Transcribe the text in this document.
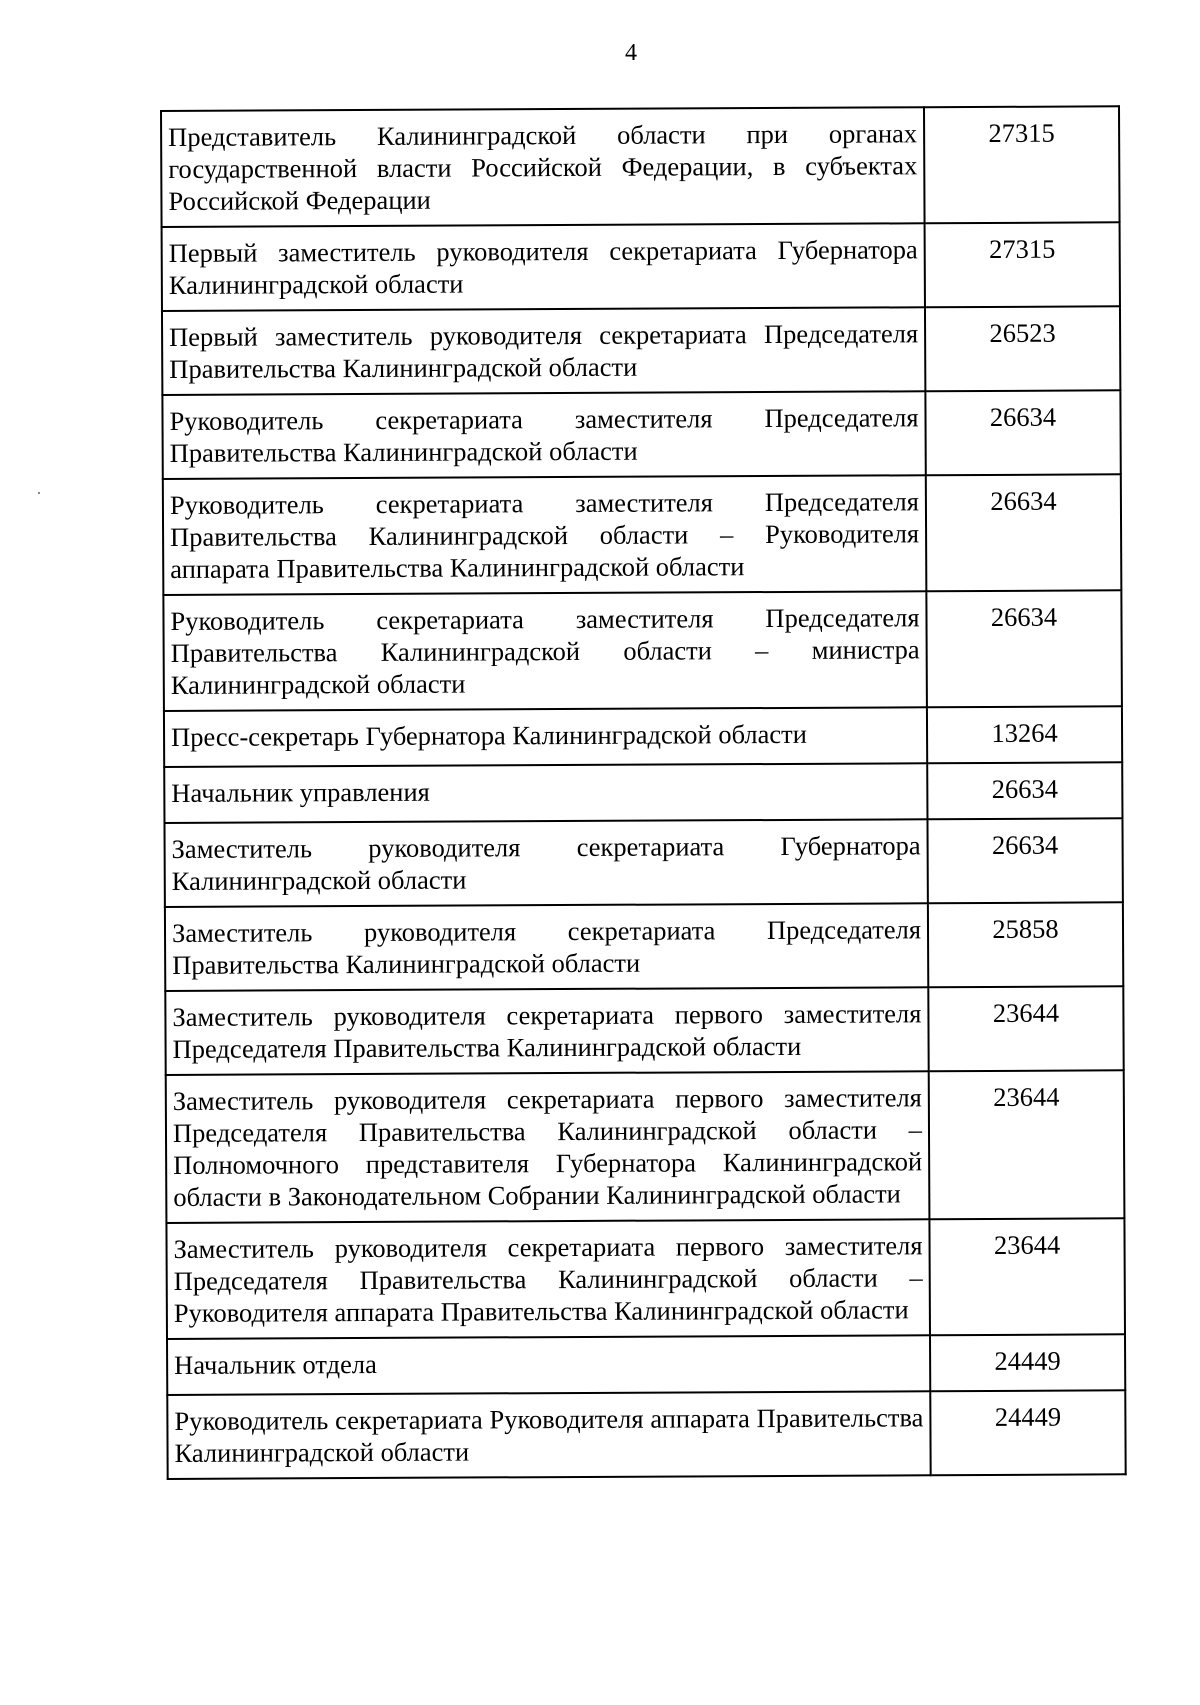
4
Представитель Калининградской области при органах государственной власти Российской Федерации, в субъектах Российской Федерации	27315
Первый заместитель руководителя секретариата Губернатора Калининградской области	27315
Первый заместитель руководителя секретариата Председателя Правительства Калининградской области	26523
Руководитель секретариата заместителя Председателя Правительства Калининградской области	26634
Руководитель секретариата заместителя Председателя Правительства Калининградской области – Руководителя аппарата Правительства Калининградской области	26634
Руководитель секретариата заместителя Председателя Правительства Калининградской области – министра Калининградской области	26634
Пресс-секретарь Губернатора Калининградской области	13264
Начальник управления	26634
Заместитель руководителя секретариата Губернатора Калининградской области	26634
Заместитель руководителя секретариата Председателя Правительства Калининградской области	25858
Заместитель руководителя секретариата первого заместителя Председателя Правительства Калининградской области	23644
Заместитель руководителя секретариата первого заместителя Председателя Правительства Калининградской области – Полномочного представителя Губернатора Калининградской области в Законодательном Собрании Калининградской области	23644
Заместитель руководителя секретариата первого заместителя Председателя Правительства Калининградской области – Руководителя аппарата Правительства Калининградской области	23644
Начальник отдела	24449
Руководитель секретариата Руководителя аппарата Правительства Калининградской области	24449
